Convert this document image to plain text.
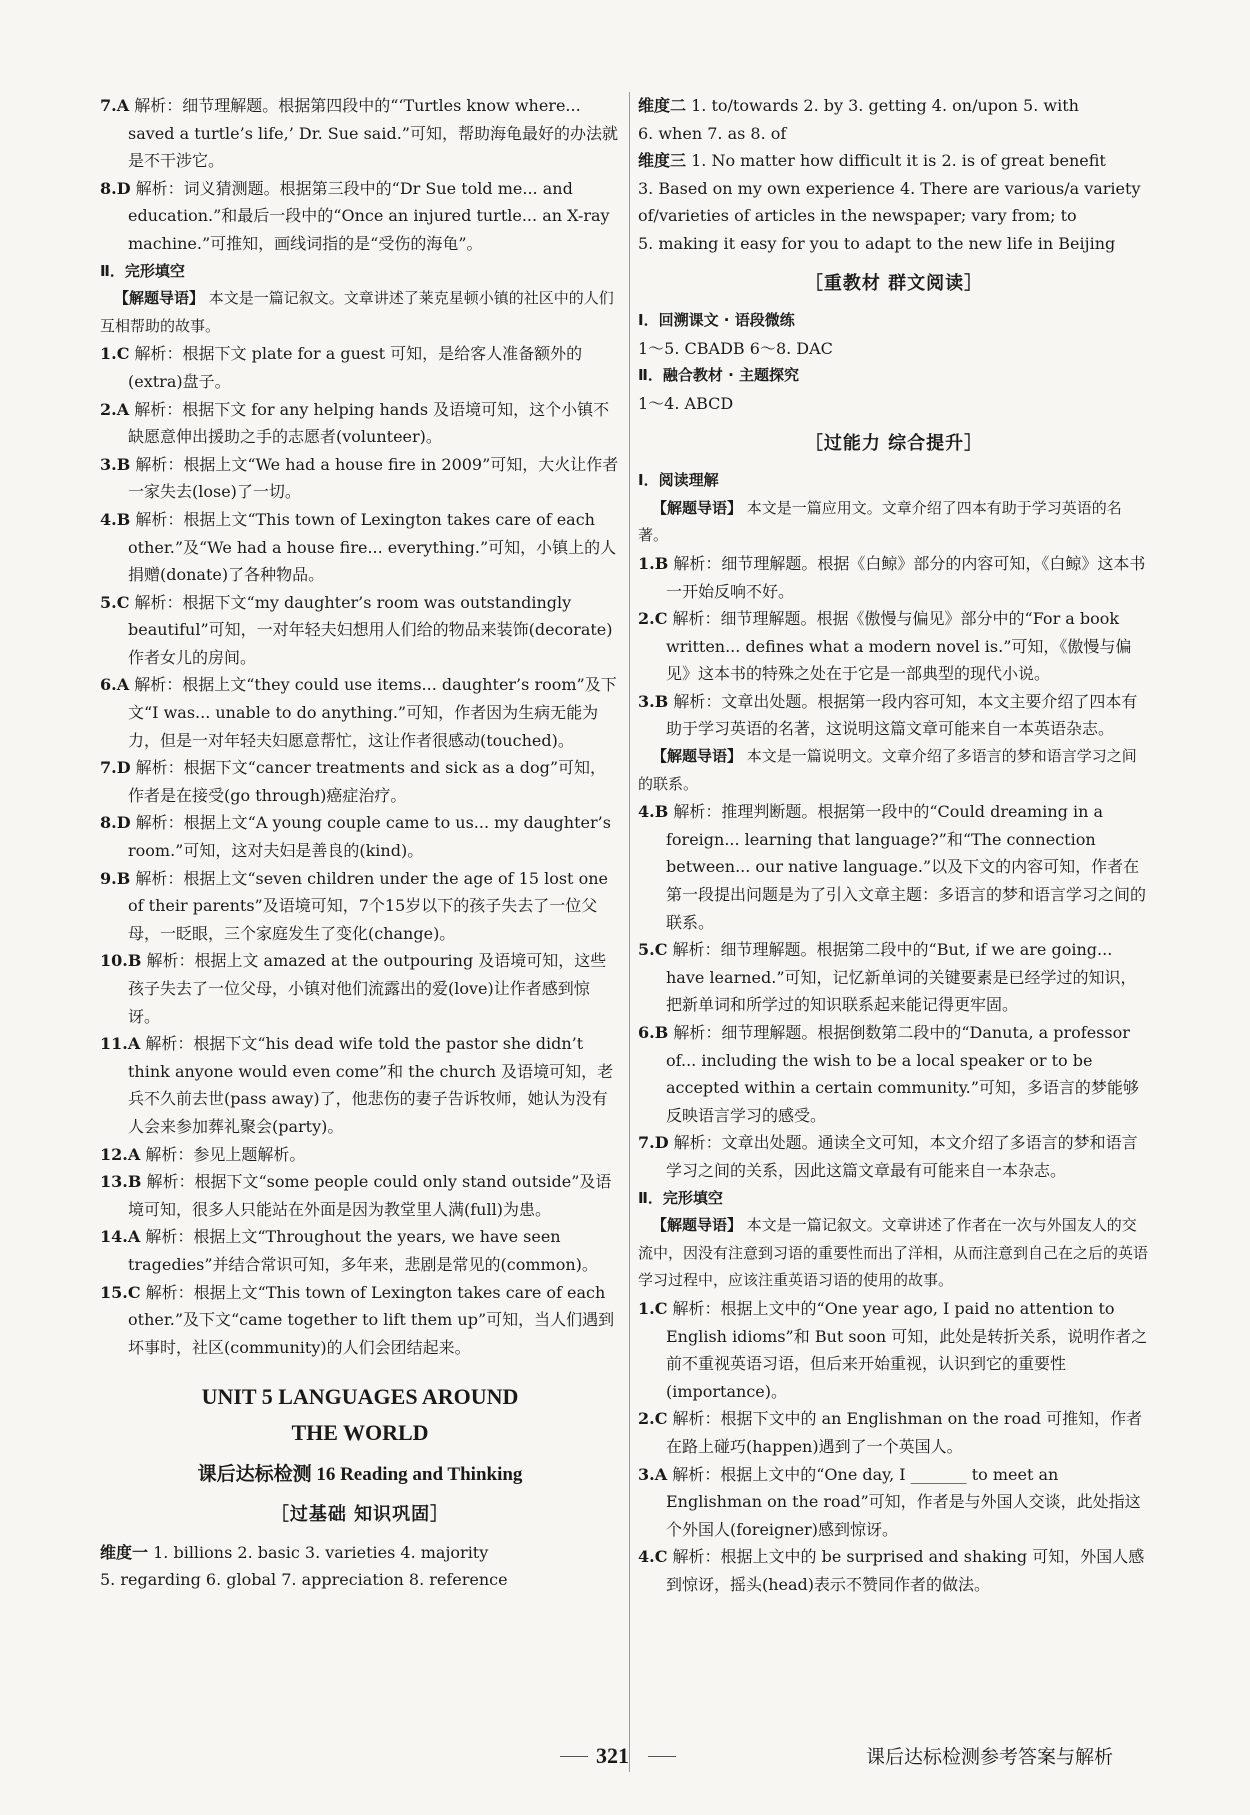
7.A 解析：细节理解题。根据第四段中的“‘Turtles know where... saved a turtle’s life,’ Dr. Sue said.”可知，帮助海龟最好的办法就是不干涉它。

8.D 解析：词义猜测题。根据第三段中的“Dr Sue told me... and education.”和最后一段中的“Once an injured turtle... an X-ray machine.”可推知，画线词指的是“受伤的海龟”。

Ⅱ．完形填空

【解题导语】 本文是一篇记叙文。文章讲述了莱克星顿小镇的社区中的人们互相帮助的故事。

1.C 解析：根据下文 plate for a guest 可知，是给客人准备额外的(extra)盘子。

2.A 解析：根据下文 for any helping hands 及语境可知，这个小镇不缺愿意伸出援助之手的志愿者(volunteer)。

3.B 解析：根据上文“We had a house fire in 2009”可知，大火让作者一家失去(lose)了一切。

4.B 解析：根据上文“This town of Lexington takes care of each other.”及“We had a house fire... everything.”可知，小镇上的人捐赠(donate)了各种物品。

5.C 解析：根据下文“my daughter’s room was outstandingly beautiful”可知，一对年轻夫妇想用人们给的物品来装饰(decorate)作者女儿的房间。

6.A 解析：根据上文“they could use items... daughter’s room”及下文“I was... unable to do anything.”可知，作者因为生病无能为力，但是一对年轻夫妇愿意帮忙，这让作者很感动(touched)。

7.D 解析：根据下文“cancer treatments and sick as a dog”可知，作者是在接受(go through)癌症治疗。

8.D 解析：根据上文“A young couple came to us... my daughter’s room.”可知，这对夫妇是善良的(kind)。

9.B 解析：根据上文“seven children under the age of 15 lost one of their parents”及语境可知，7个15岁以下的孩子失去了一位父母，一眨眼，三个家庭发生了变化(change)。

10.B 解析：根据上文 amazed at the outpouring 及语境可知，这些孩子失去了一位父母，小镇对他们流露出的爱(love)让作者感到惊讶。

11.A 解析：根据下文“his dead wife told the pastor she didn’t think anyone would even come”和 the church 及语境可知，老兵不久前去世(pass away)了，他悲伤的妻子告诉牧师，她认为没有人会来参加葬礼聚会(party)。

12.A 解析：参见上题解析。

13.B 解析：根据下文“some people could only stand outside”及语境可知，很多人只能站在外面是因为教堂里人满(full)为患。

14.A 解析：根据上文“Throughout the years, we have seen tragedies”并结合常识可知，多年来，悲剧是常见的(common)。

15.C 解析：根据上文“This town of Lexington takes care of each other.”及下文“came together to lift them up”可知，当人们遇到坏事时，社区(community)的人们会团结起来。

UNIT 5 LANGUAGES AROUND
THE WORLD
课后达标检测 16 Reading and Thinking
［过基础 知识巩固］

维度一 1. billions 2. basic 3. varieties 4. majority

5. regarding 6. global 7. appreciation 8. reference

维度二 1. to/towards 2. by 3. getting 4. on/upon 5. with

6. when 7. as 8. of

维度三 1. No matter how difficult it is 2. is of great benefit

3. Based on my own experience 4. There are various/a variety of/varieties of articles in the newspaper; vary from; to

5. making it easy for you to adapt to the new life in Beijing

［重教材 群文阅读］

Ⅰ．回溯课文 · 语段微练

1～5. CBADB 6～8. DAC

Ⅱ．融合教材 · 主题探究

1～4. ABCD

［过能力 综合提升］

Ⅰ．阅读理解

【解题导语】 本文是一篇应用文。文章介绍了四本有助于学习英语的名著。

1.B 解析：细节理解题。根据《白鲸》部分的内容可知，《白鲸》这本书一开始反响不好。

2.C 解析：细节理解题。根据《傲慢与偏见》部分中的“For a book written... defines what a modern novel is.”可知，《傲慢与偏见》这本书的特殊之处在于它是一部典型的现代小说。

3.B 解析：文章出处题。根据第一段内容可知，本文主要介绍了四本有助于学习英语的名著，这说明这篇文章可能来自一本英语杂志。

【解题导语】 本文是一篇说明文。文章介绍了多语言的梦和语言学习之间的联系。

4.B 解析：推理判断题。根据第一段中的“Could dreaming in a foreign... learning that language?”和“The connection between... our native language.”以及下文的内容可知，作者在第一段提出问题是为了引入文章主题：多语言的梦和语言学习之间的联系。

5.C 解析：细节理解题。根据第二段中的“But, if we are going... have learned.”可知，记忆新单词的关键要素是已经学过的知识，把新单词和所学过的知识联系起来能记得更牢固。

6.B 解析：细节理解题。根据倒数第二段中的“Danuta, a professor of... including the wish to be a local speaker or to be accepted within a certain community.”可知，多语言的梦能够反映语言学习的感受。

7.D 解析：文章出处题。通读全文可知，本文介绍了多语言的梦和语言学习之间的关系，因此这篇文章最有可能来自一本杂志。

Ⅱ．完形填空

【解题导语】 本文是一篇记叙文。文章讲述了作者在一次与外国友人的交流中，因没有注意到习语的重要性而出了洋相，从而注意到自己在之后的英语学习过程中，应该注重英语习语的使用的故事。

1.C 解析：根据上文中的“One year ago, I paid no attention to English idioms”和 But soon 可知，此处是转折关系，说明作者之前不重视英语习语，但后来开始重视，认识到它的重要性(importance)。

2.C 解析：根据下文中的 an Englishman on the road 可推知，作者在路上碰巧(happen)遇到了一个英国人。

3.A 解析：根据上文中的“One day, I _______ to meet an Englishman on the road”可知，作者是与外国人交谈，此处指这个外国人(foreigner)感到惊讶。

4.C 解析：根据上文中的 be surprised and shaking 可知，外国人感到惊讶，摇头(head)表示不赞同作者的做法。

321	课后达标检测参考答案与解析
